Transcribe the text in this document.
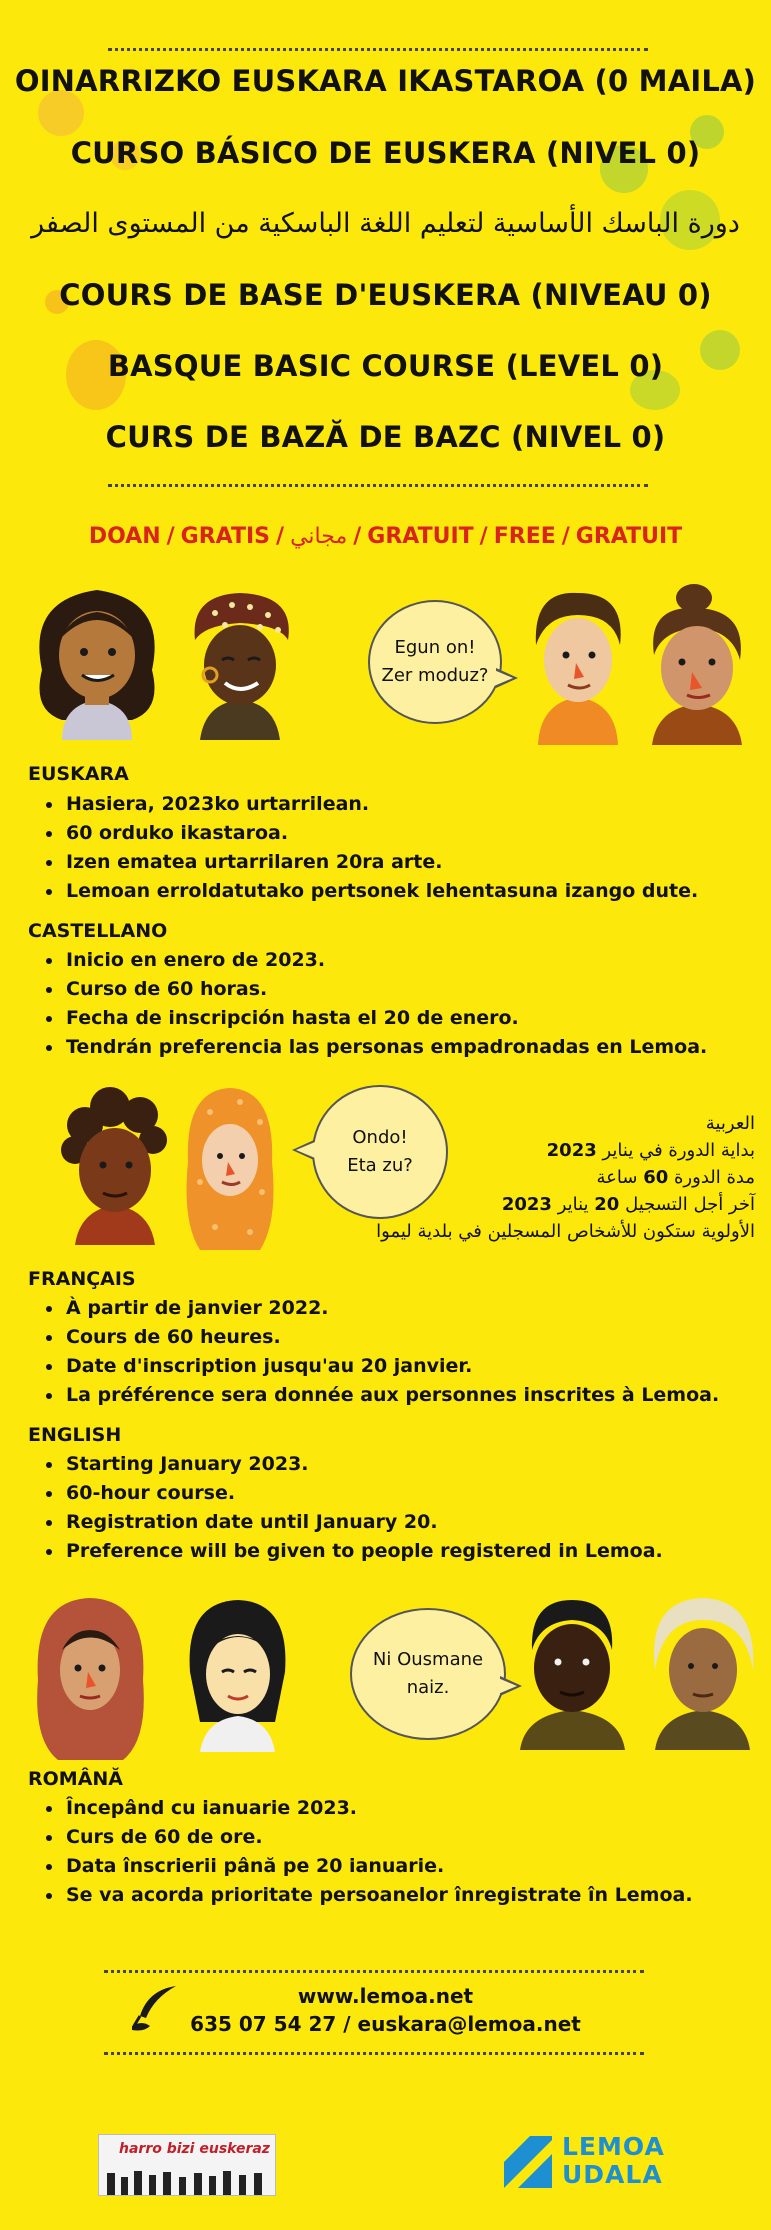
OINARRIZKO EUSKARA IKASTAROA (0 MAILA)
CURSO BÁSICO DE EUSKERA (NIVEL 0)
دورة الباسك الأساسية لتعليم اللغة الباسكية من المستوى الصفر
COURS DE BASE D'EUSKERA (NIVEAU 0)
BASQUE BASIC COURSE (LEVEL 0)
CURS DE BAZĂ DE BAZC (NIVEL 0)
DOAN / GRATIS / مجاني / GRATUIT / FREE / GRATUIT
Egun on!
Zer moduz?
EUSKARA
• Hasiera, 2023ko urtarrilean.
• 60 orduko ikastaroa.
• Izen ematea urtarrilaren 20ra arte.
• Lemoan erroldatutako pertsonek lehentasuna izango dute.
CASTELLANO
• Inicio en enero de 2023.
• Curso de 60 horas.
• Fecha de inscripción hasta el 20 de enero.
• Tendrán preferencia las personas empadronadas en Lemoa.
Ondo!
Eta zu?
العربية
بداية الدورة في يناير 2023
مدة الدورة 60 ساعة
آخر أجل التسجيل 20 يناير 2023
الأولوية ستكون للأشخاص المسجلين في بلدية ليموا
FRANÇAIS
• À partir de janvier 2022.
• Cours de 60 heures.
• Date d'inscription jusqu'au 20 janvier.
• La préférence sera donnée aux personnes inscrites à Lemoa.
ENGLISH
• Starting January 2023.
• 60-hour course.
• Registration date until January 20.
• Preference will be given to people registered in Lemoa.
Ni Ousmane
naiz.
ROMÂNĂ
• Începând cu ianuarie 2023.
• Curs de 60 de ore.
• Data înscrierii până pe 20 ianuarie.
• Se va acorda prioritate persoanelor înregistrate în Lemoa.
www.lemoa.net
635 07 54 27 / euskara@lemoa.net
harro bizi euskeraz	LEMOA
UDALA
